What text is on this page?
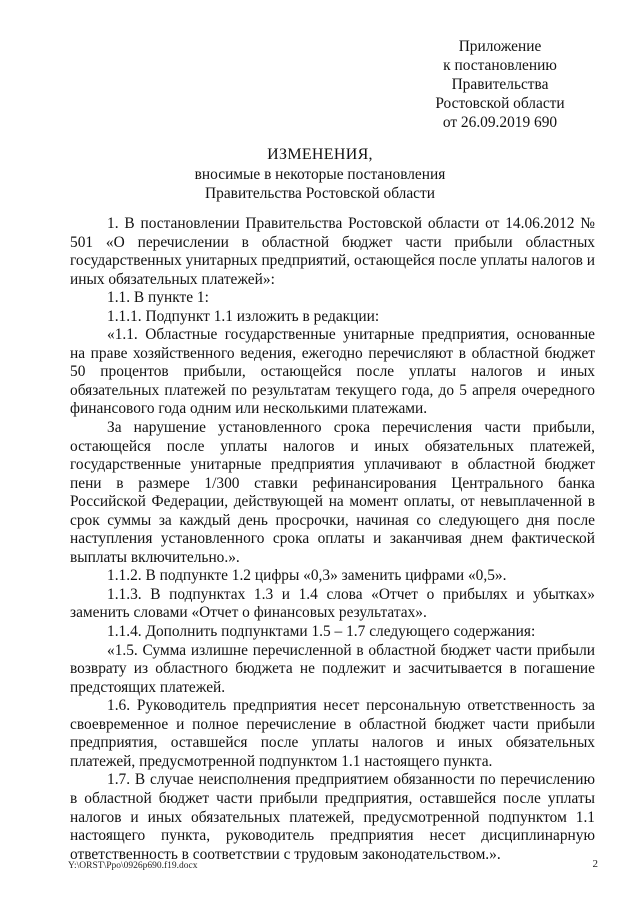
Приложение
к постановлению
Правительства
Ростовской области
от 26.09.2019 690
ИЗМЕНЕНИЯ,
вносимые в некоторые постановления
Правительства Ростовской области

1. В постановлении Правительства Ростовской области от 14.06.2012 № 501 «О перечислении в областной бюджет части прибыли областных государственных унитарных предприятий, остающейся после уплаты налогов и иных обязательных платежей»:

1.1. В пункте 1:

1.1.1. Подпункт 1.1 изложить в редакции:

«1.1. Областные государственные унитарные предприятия, основанные на праве хозяйственного ведения, ежегодно перечисляют в областной бюджет 50 процентов прибыли, остающейся после уплаты налогов и иных обязательных платежей по результатам текущего года, до 5 апреля очередного финансового года одним или несколькими платежами.

За нарушение установленного срока перечисления части прибыли, остающейся после уплаты налогов и иных обязательных платежей, государственные унитарные предприятия уплачивают в областной бюджет пени в размере 1/300 ставки рефинансирования Центрального банка Российской Федерации, действующей на момент оплаты, от невыплаченной в срок суммы за каждый день просрочки, начиная со следующего дня после наступления установленного срока оплаты и заканчивая днем фактической выплаты включительно.».

1.1.2. В подпункте 1.2 цифры «0,3» заменить цифрами «0,5».

1.1.3. В подпунктах 1.3 и 1.4 слова «Отчет о прибылях и убытках» заменить словами «Отчет о финансовых результатах».

1.1.4. Дополнить подпунктами 1.5 – 1.7 следующего содержания:

«1.5. Сумма излишне перечисленной в областной бюджет части прибыли возврату из областного бюджета не подлежит и засчитывается в погашение предстоящих платежей.

1.6. Руководитель предприятия несет персональную ответственность за своевременное и полное перечисление в областной бюджет части прибыли предприятия, оставшейся после уплаты налогов и иных обязательных платежей, предусмотренной подпунктом 1.1 настоящего пункта.

1.7. В случае неисполнения предприятием обязанности по перечислению в областной бюджет части прибыли предприятия, оставшейся после уплаты налогов и иных обязательных платежей, предусмотренной подпунктом 1.1 настоящего пункта, руководитель предприятия несет дисциплинарную ответственность в соответствии с трудовым законодательством.».

Y:\ORST\Ppo\0926p690.f19.docx	2
